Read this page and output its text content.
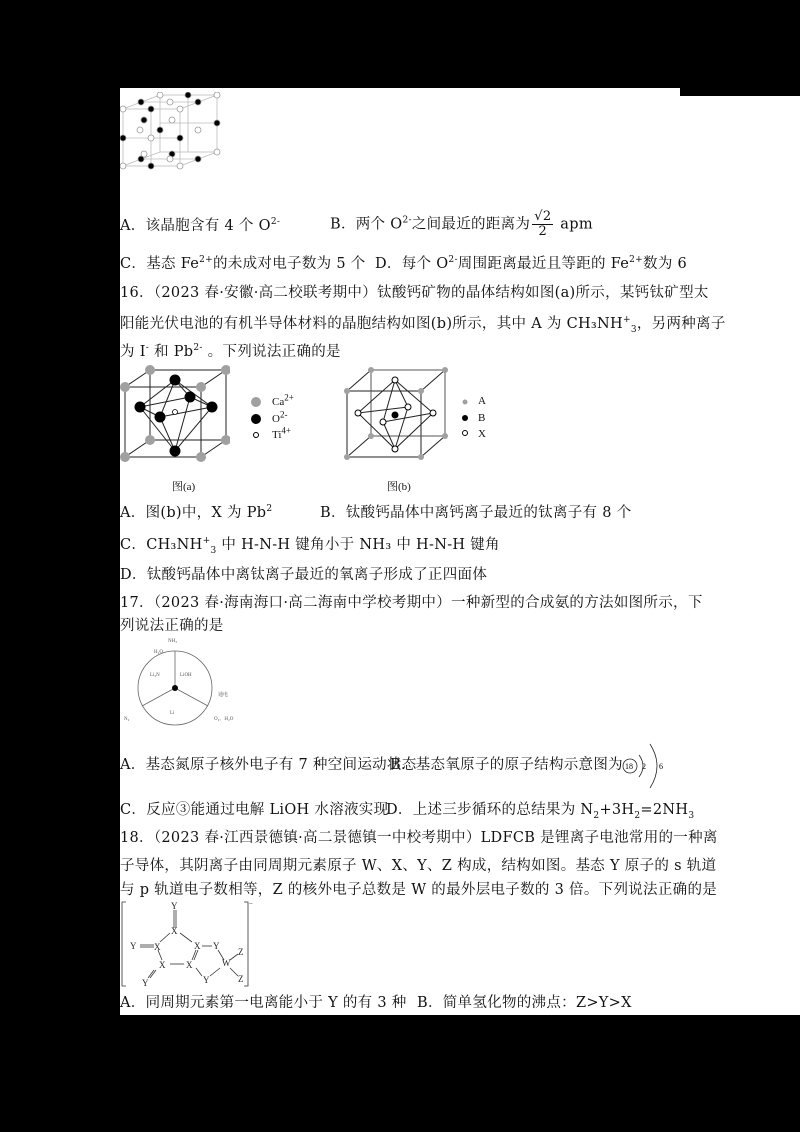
A．该晶胞含有 4 个 $O^{2-}$	B．两个 $O^{2-}$之间最近的距离为 $\frac{√2}{2}$ apm
C．基态 $Fe^{2+}$的未成对电子数为 5 个 D．每个 $O^{2-}$周围距离最近且等距的 $Fe^{2+}$数为 6
16．（2023 春·安徽·高二校联考期中）钛酸钙矿物的晶体结构如图(a)所示，某钙钛矿型太
阳能光伏电池的有机半导体材料的晶胞结构如图(b)所示，其中 A 为 $CH_3NH^+_3$，另两种离子
为 I- 和 $Pb^{2-}$ 。下列说法正确的是
$Ca^{2+}$
$O^{2-}$
$Ti^{4+}$
图(a)
A
B
X
图(b)
A．图(b)中，X 为 Pb$^2$	B．钛酸钙晶体中离钙离子最近的钛离子有 8 个
C．$CH_3NH^+_3$ 中 H-N-H 键角小于 NH₃ 中 H-N-H 键角
D．钛酸钙晶体中离钛离子最近的氧离子形成了正四面体
17．（2023 春·海南海口·高二海南中学校考期中）一种新型的合成氨的方法如图所示，下
列说法正确的是
NH₃
H₂O
Li₃N	LiOH
Li
N₂	O₂、H₂O
通电
A．基态氮原子核外电子有 7 种空间运动状态
B．基态氧原子的原子结构示意图为 18 2 6
C．反应③能通过电解 LiOH 水溶液实现
D．上述三步循环的总结果为 $N_2+3H_2=2NH_3$
18．（2023 春·江西景德镇·高二景德镇一中校考期中）LDFCB 是锂离子电池常用的一种离
子导体，其阴离子由同周期元素原子 W、X、Y、Z 构成，结构如图。基态 Y 原子的 s 轨道
与 p 轨道电子数相等，Z 的核外电子总数是 W 的最外层电子数的 3 倍。下列说法正确的是
Y
X
Y X	X Y
X X	W
Y
Y
Z
Z
−
A．同周期元素第一电离能小于 Y 的有 3 种 B．简单氢化物的沸点：Z>Y>X
